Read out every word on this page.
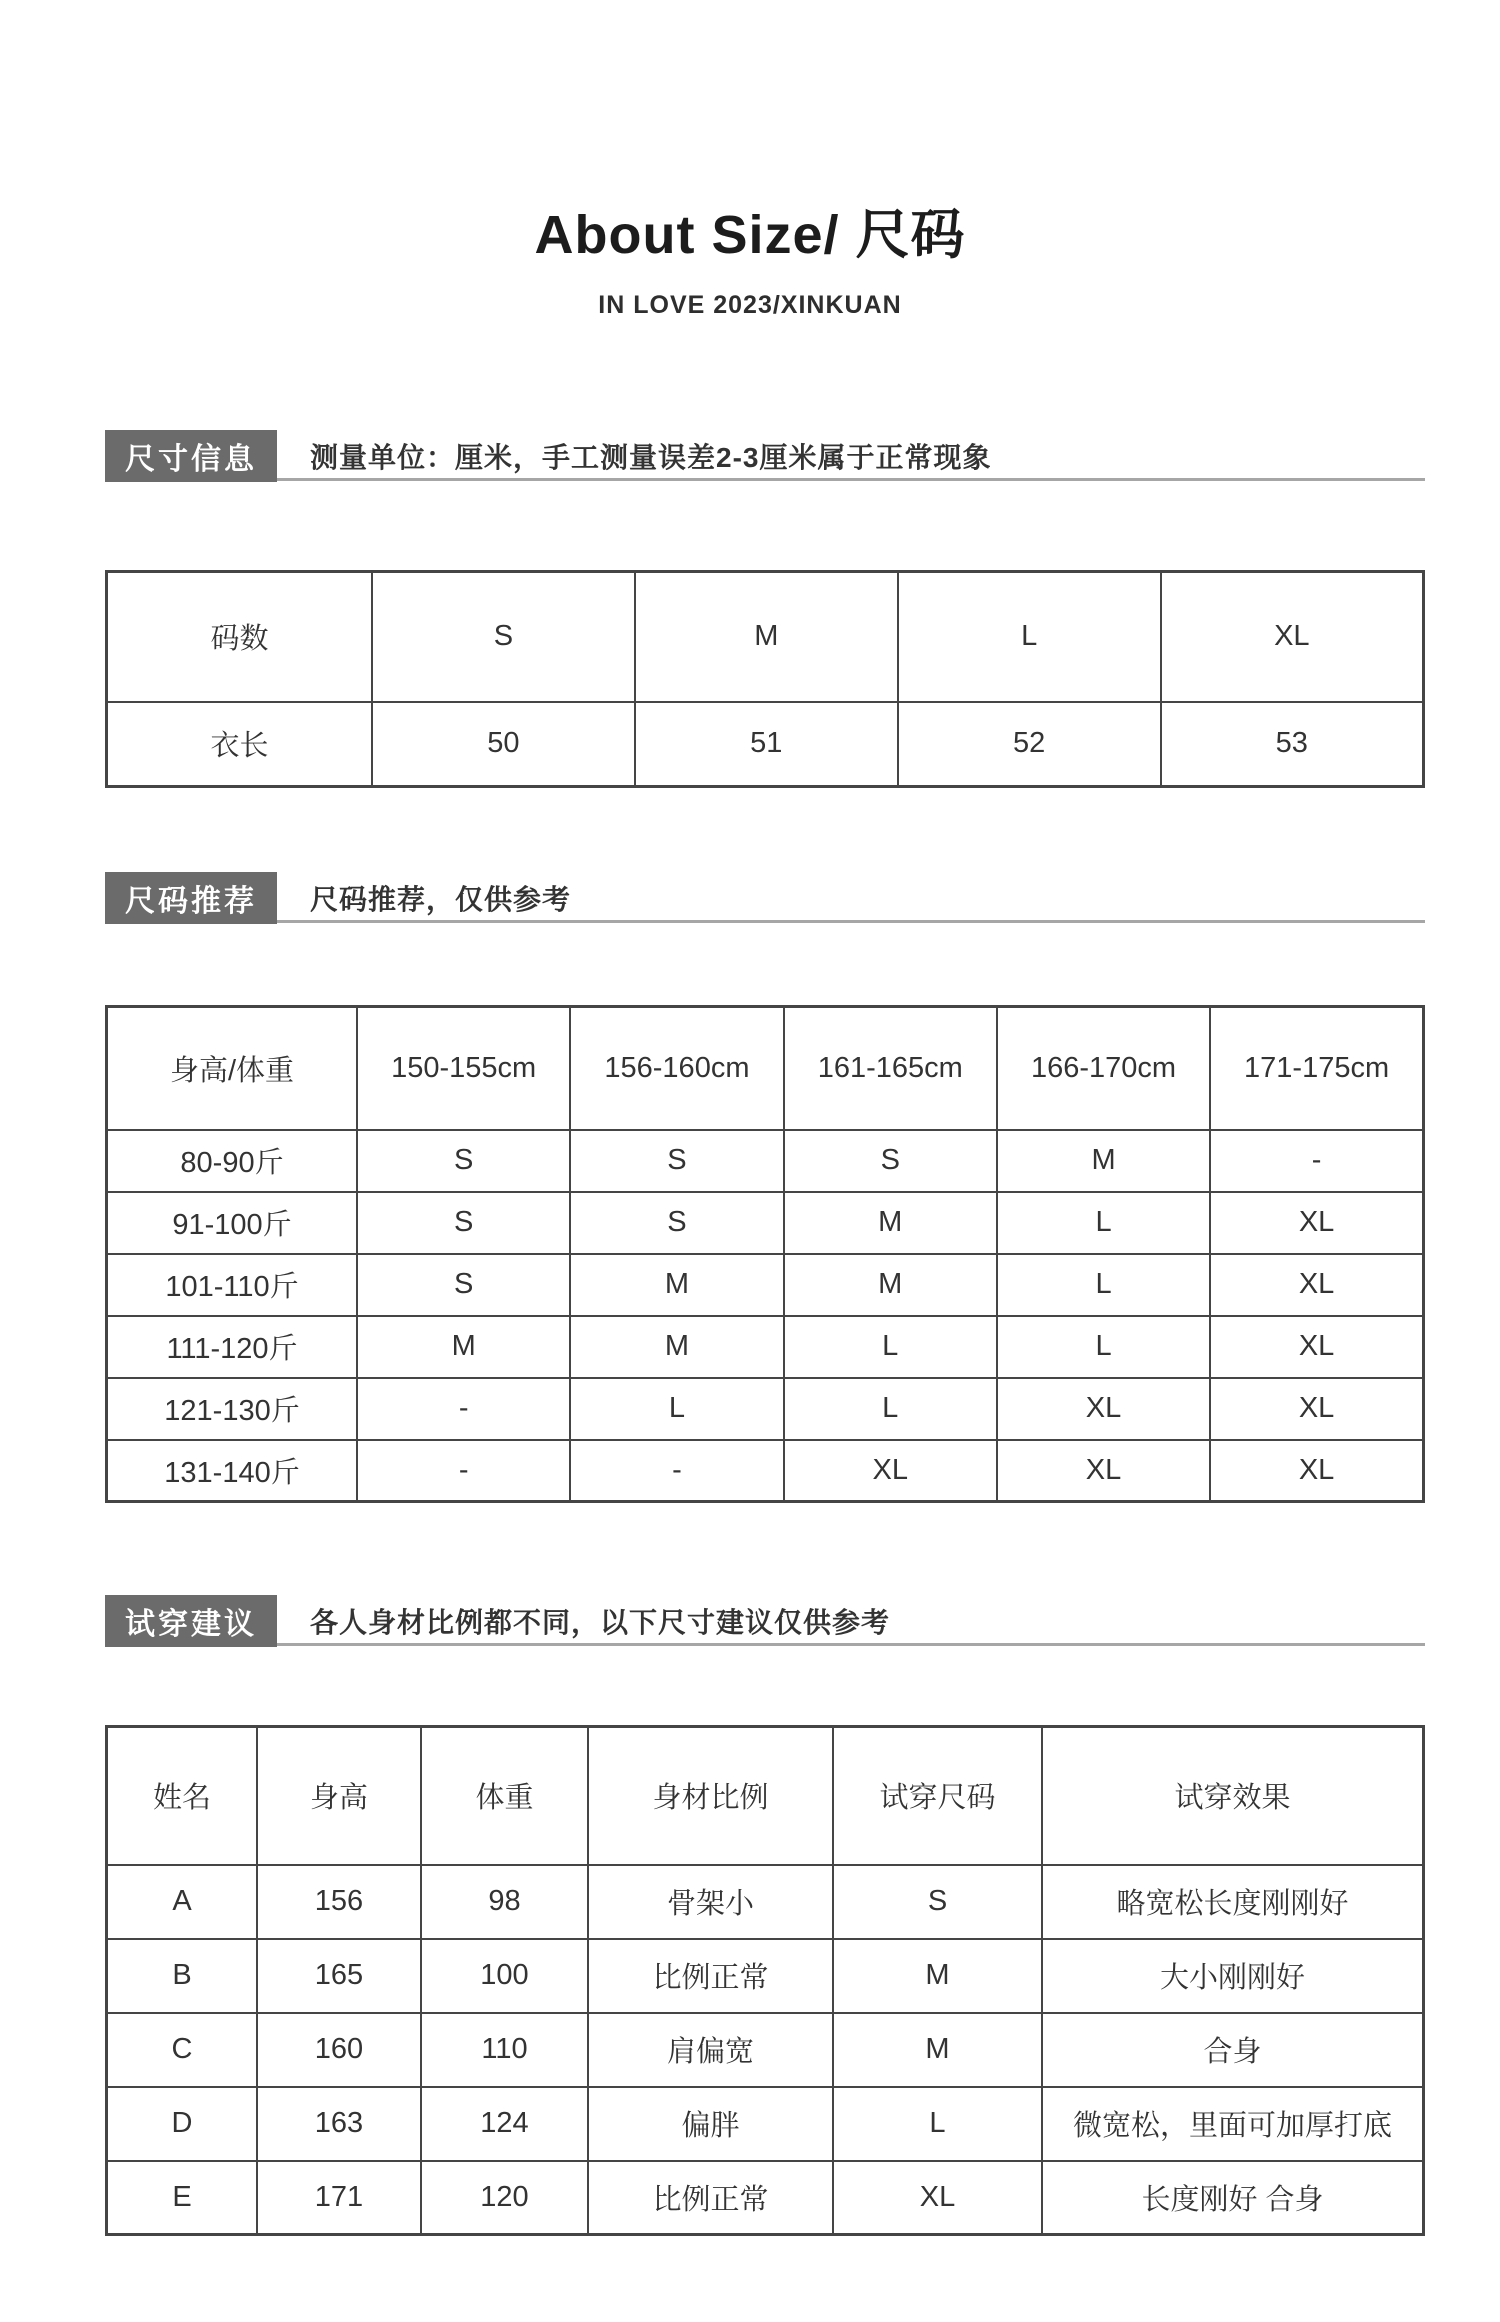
About Size/ 尺码
IN LOVE 2023/XINKUAN
尺寸信息	测量单位：厘米，手工测量误差2-3厘米属于正常现象
码数	S	M	L	XL
衣长	50	51	52	53
尺码推荐	尺码推荐，仅供参考
身高/体重	150-155cm	156-160cm	161-165cm	166-170cm	171-175cm
80-90斤	S	S	S	M	-
91-100斤	S	S	M	L	XL
101-110斤	S	M	M	L	XL
111-120斤	M	M	L	L	XL
121-130斤	-	L	L	XL	XL
131-140斤	-	-	XL	XL	XL
试穿建议	各人身材比例都不同，以下尺寸建议仅供参考
姓名	身高	体重	身材比例	试穿尺码	试穿效果
A	156	98	骨架小	S	略宽松长度刚刚好
B	165	100	比例正常	M	大小刚刚好
C	160	110	肩偏宽	M	合身
D	163	124	偏胖	L	微宽松，里面可加厚打底
E	171	120	比例正常	XL	长度刚好 合身
